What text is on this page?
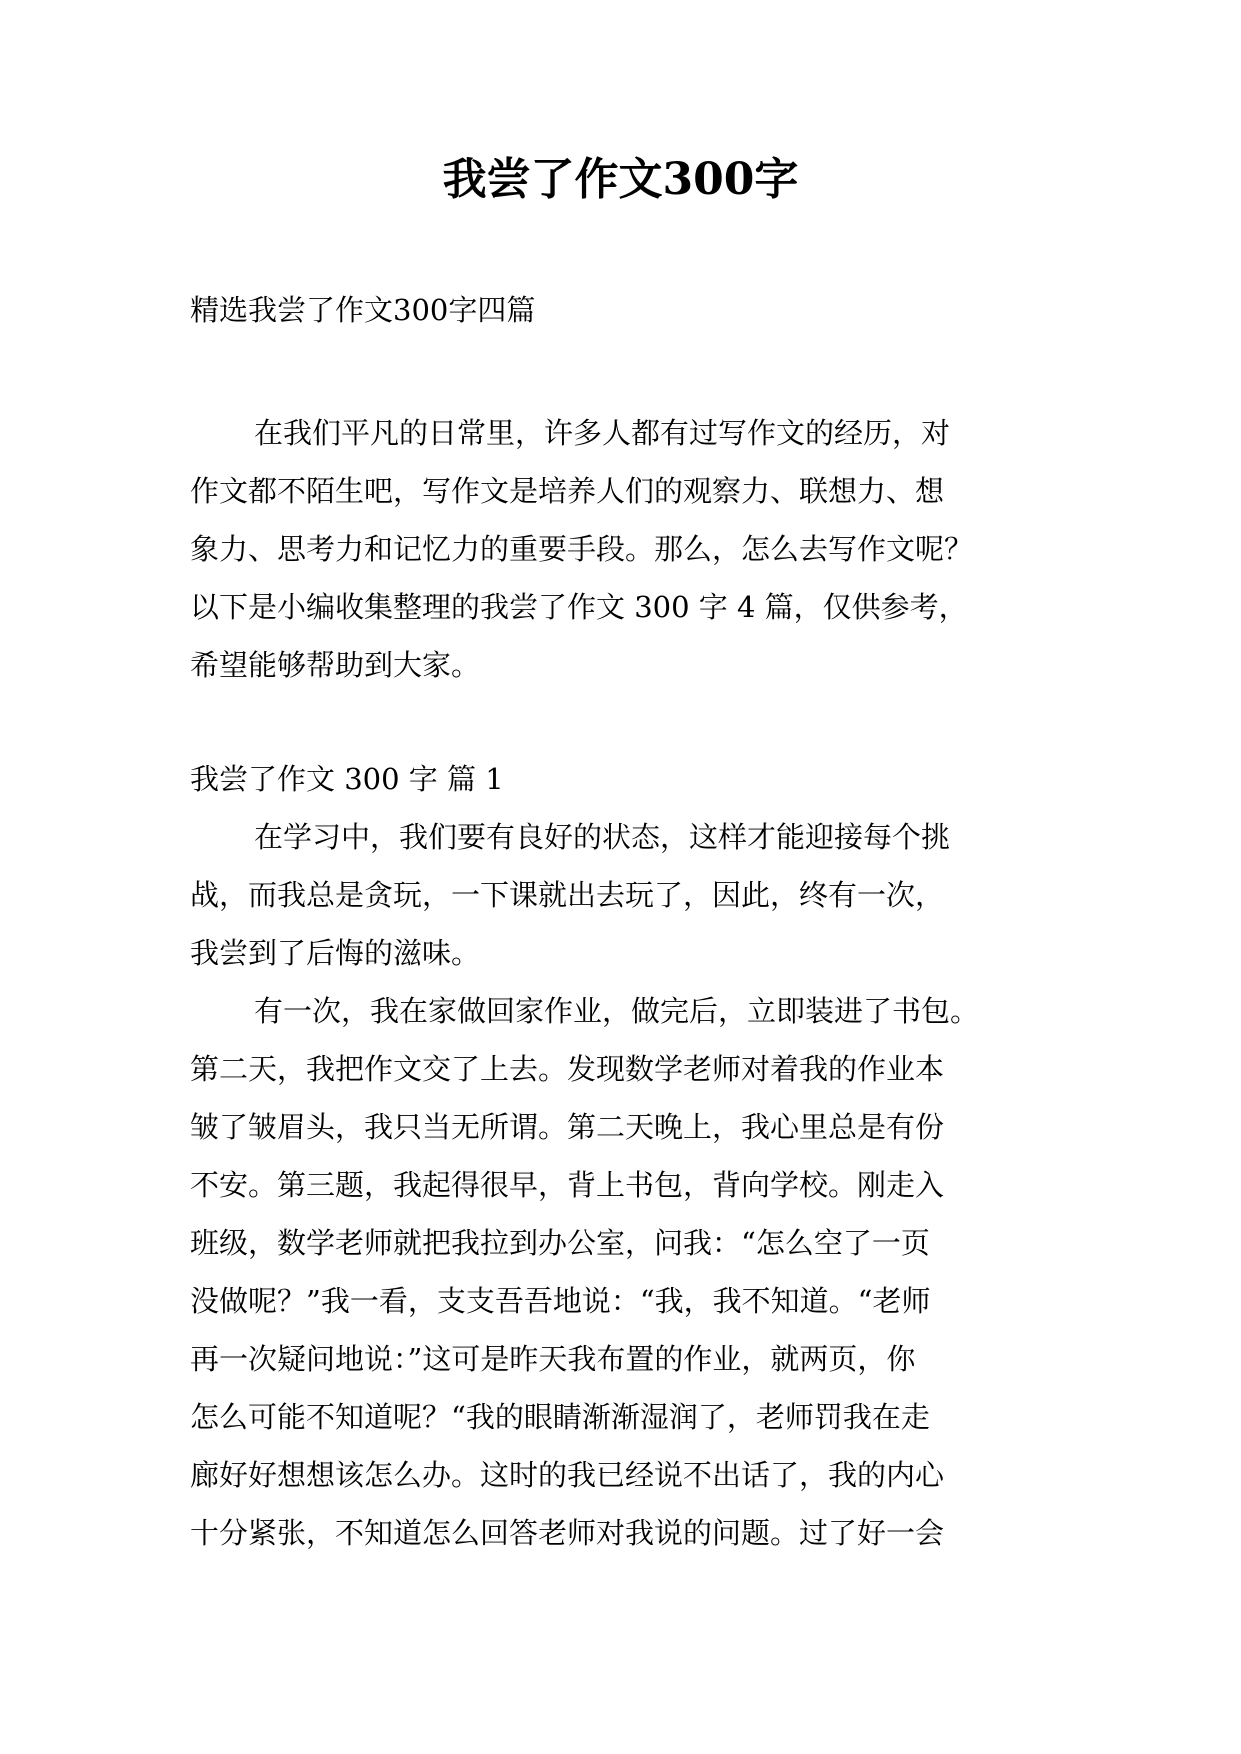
我尝了作文300字

精选我尝了作文300字四篇

在我们平凡的日常里，许多人都有过写作文的经历，对

作文都不陌生吧，写作文是培养人们的观察力、联想力、想

象力、思考力和记忆力的重要手段。那么，怎么去写作文呢？

以下是小编收集整理的我尝了作文 300 字 4 篇，仅供参考，

希望能够帮助到大家。

我尝了作文 300 字 篇 1

在学习中，我们要有良好的状态，这样才能迎接每个挑

战，而我总是贪玩，一下课就出去玩了，因此，终有一次，

我尝到了后悔的滋味。

有一次，我在家做回家作业，做完后，立即装进了书包。

第二天，我把作文交了上去。发现数学老师对着我的作业本

皱了皱眉头，我只当无所谓。第二天晚上，我心里总是有份

不安。第三题，我起得很早，背上书包，背向学校。刚走入

班级，数学老师就把我拉到办公室，问我：“怎么空了一页

没做呢？”我一看，支支吾吾地说：“我，我不知道。“老师

再一次疑问地说：”这可是昨天我布置的作业，就两页，你

怎么可能不知道呢？“我的眼睛渐渐湿润了，老师罚我在走

廊好好想想该怎么办。这时的我已经说不出话了，我的内心

十分紧张，不知道怎么回答老师对我说的问题。过了好一会
